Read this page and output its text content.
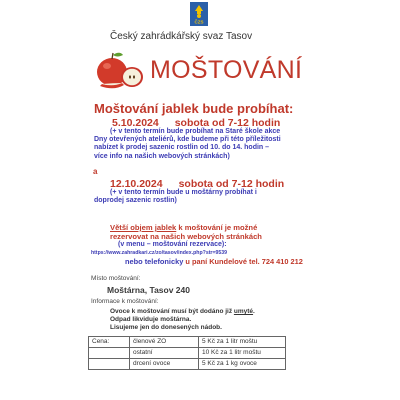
ČZS
Český zahrádkářský svaz Tasov
MOŠTOVÁNÍ
Moštování jablek bude probíhat:
5.10.2024 sobota od 7-12 hodin
(+ v tento termín bude probíhat na Staré škole akce
Dny otevřených ateliérů, kde budeme při této příležitosti
nabízet k prodej sazenic rostlin od 10. do 14. hodin –
více info na našich webových stránkách)
a
12.10.2024 sobota od 7-12 hodin
(+ v tento termín bude u moštárny probíhat i
doprodej sazenic rostlin)
Větší objem jablek k moštování je možné
rezervovat na našich webových stránkách
(v menu – moštování rezervace):
https://www.zahradkari.cz/zo/tasov/index.php?str=9539
nebo telefonicky u paní Kundelové tel. 724 410 212
Místo moštování:
Moštárna, Tasov 240
Informace k moštování:
Ovoce k moštování musí být dodáno již umyté.
Odpad likviduje moštárna.
Lisujeme jen do donesených nádob.
Cena:	členové ZO	5 Kč za 1 litr moštu
	ostatní	10 Kč za 1 litr moštu
	drcení ovoce	5 Kč za 1 kg ovoce
